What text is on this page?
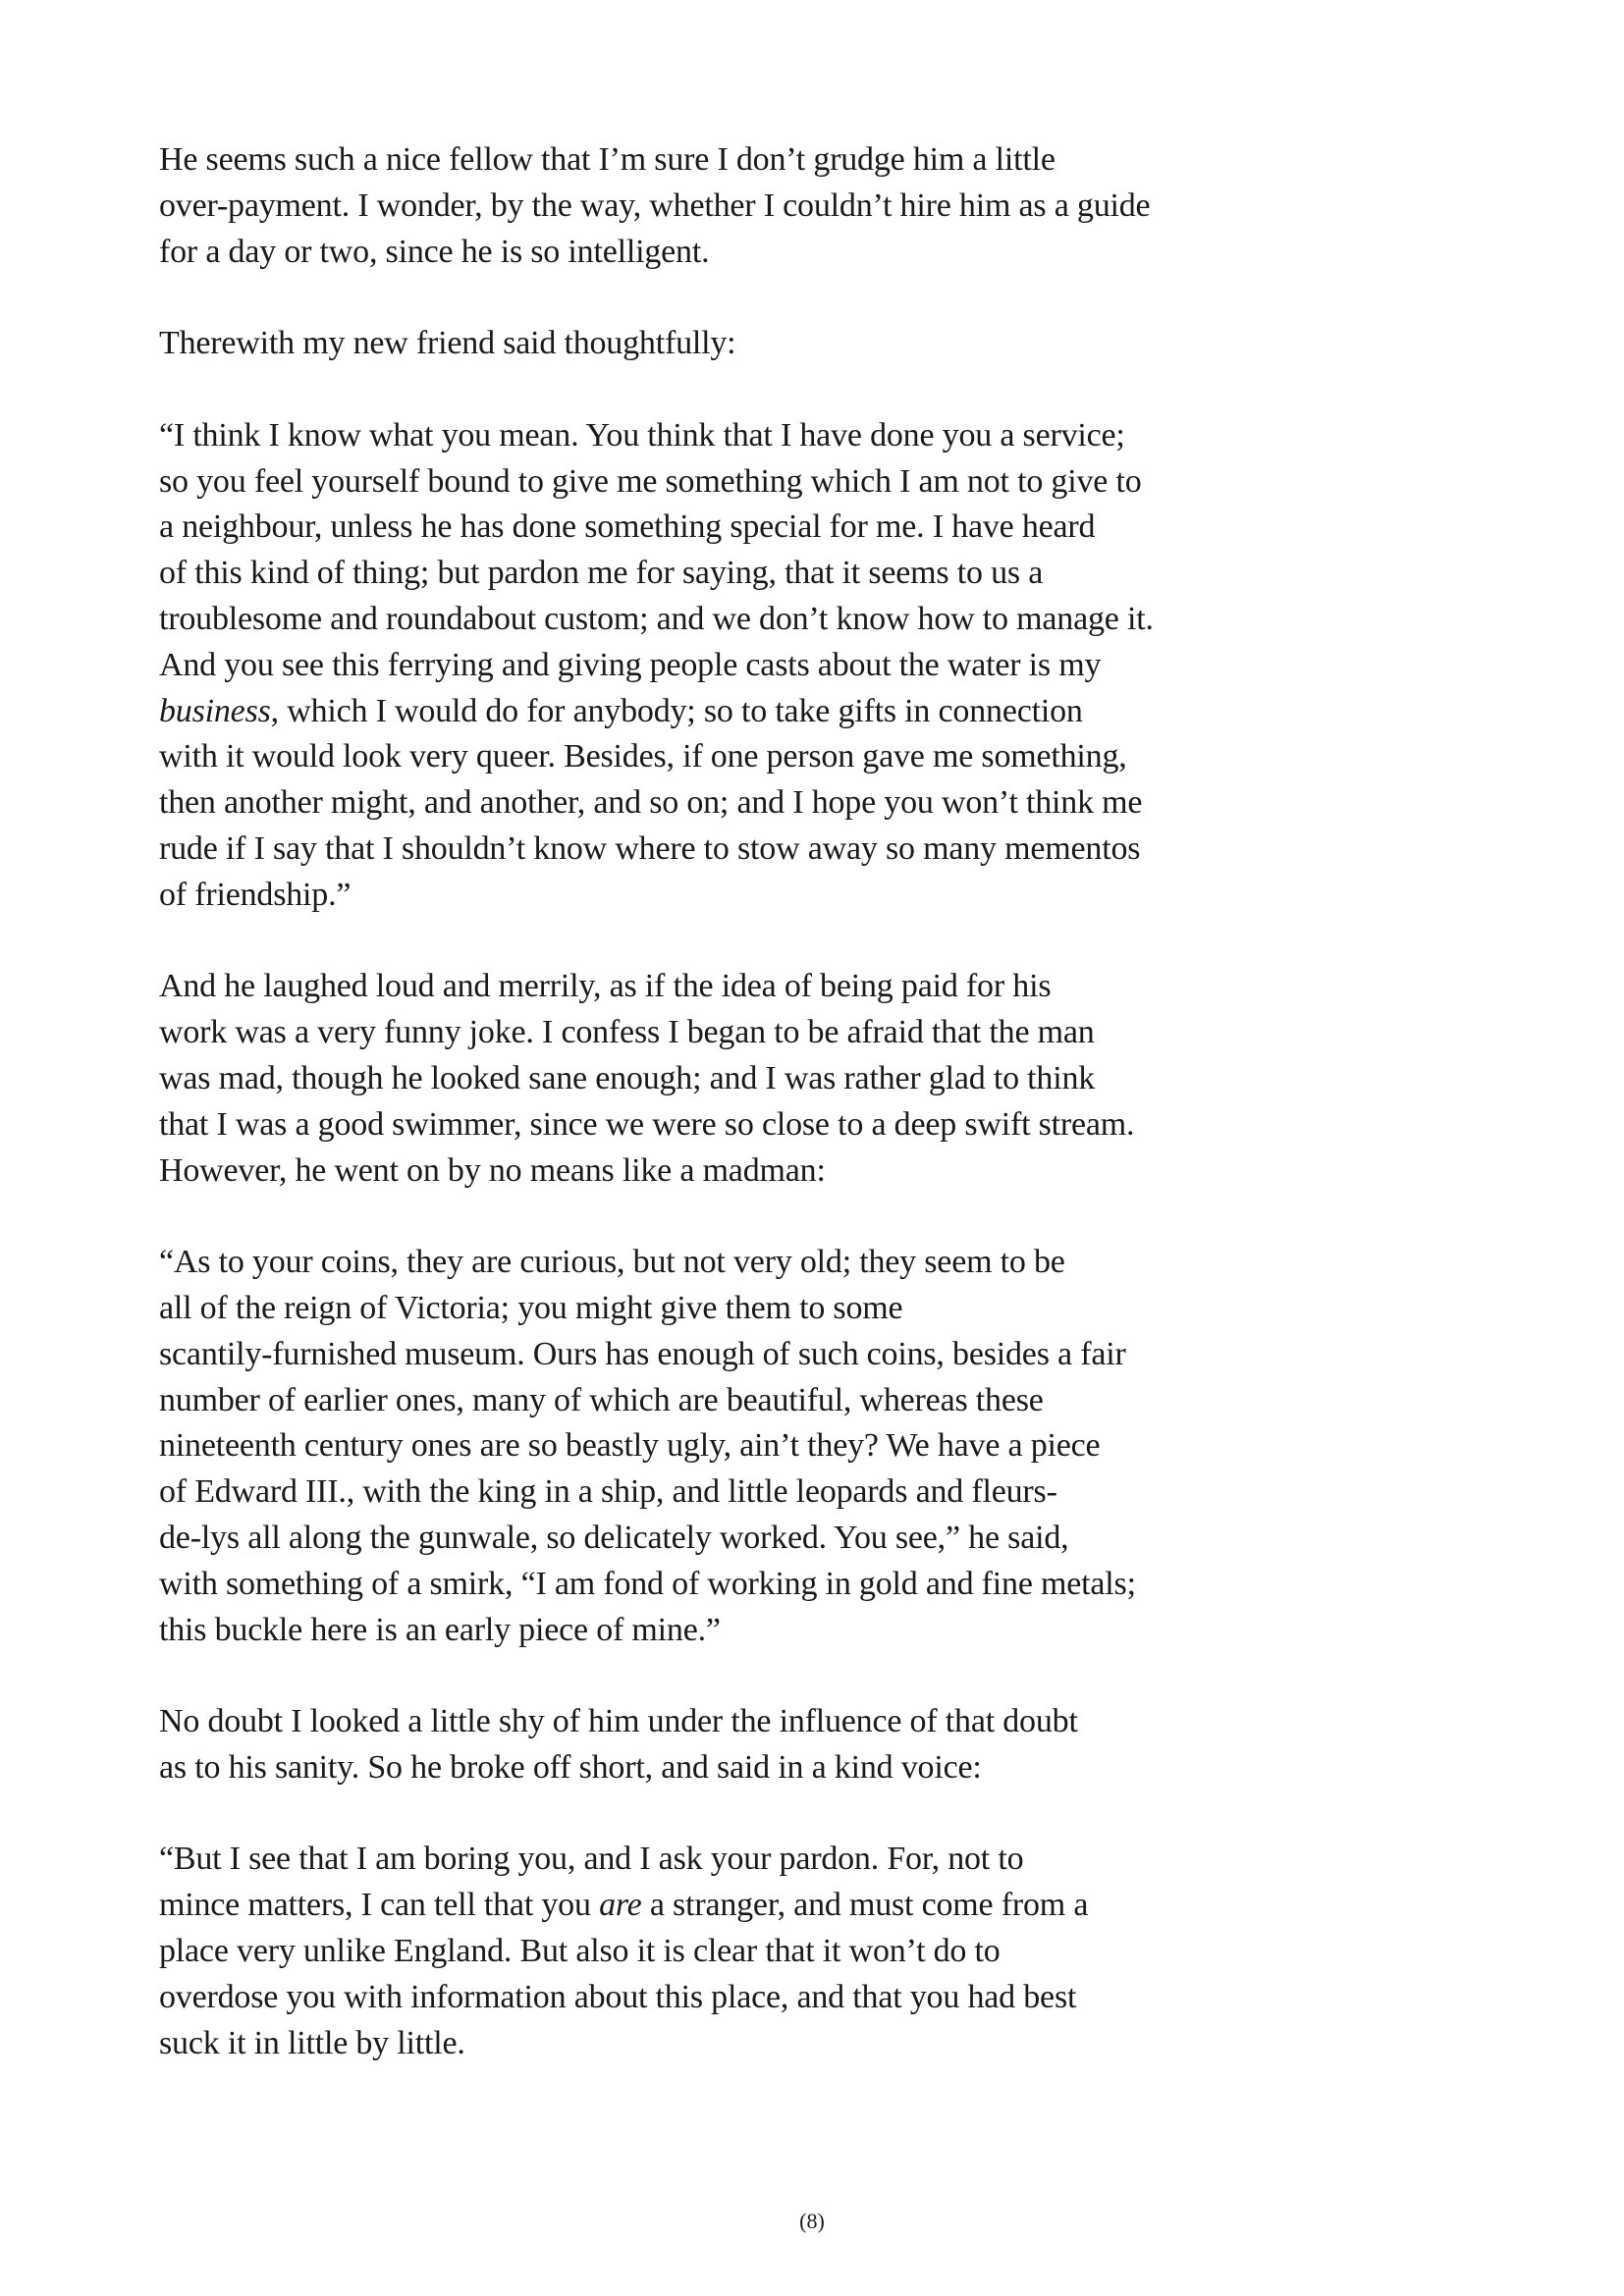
He seems such a nice fellow that I’m sure I don’t grudge him a little
over-payment. I wonder, by the way, whether I couldn’t hire him as a guide
for a day or two, since he is so intelligent.
Therewith my new friend said thoughtfully:
“I think I know what you mean. You think that I have done you a service;
so you feel yourself bound to give me something which I am not to give to
a neighbour, unless he has done something special for me. I have heard
of this kind of thing; but pardon me for saying, that it seems to us a
troublesome and roundabout custom; and we don’t know how to manage it.
And you see this ferrying and giving people casts about the water is my
business, which I would do for anybody; so to take gifts in connection
with it would look very queer. Besides, if one person gave me something,
then another might, and another, and so on; and I hope you won’t think me
rude if I say that I shouldn’t know where to stow away so many mementos
of friendship.”
And he laughed loud and merrily, as if the idea of being paid for his
work was a very funny joke. I confess I began to be afraid that the man
was mad, though he looked sane enough; and I was rather glad to think
that I was a good swimmer, since we were so close to a deep swift stream.
However, he went on by no means like a madman:
“As to your coins, they are curious, but not very old; they seem to be
all of the reign of Victoria; you might give them to some
scantily-furnished museum. Ours has enough of such coins, besides a fair
number of earlier ones, many of which are beautiful, whereas these
nineteenth century ones are so beastly ugly, ain’t they? We have a piece
of Edward III., with the king in a ship, and little leopards and fleurs-
de-lys all along the gunwale, so delicately worked. You see,” he said,
with something of a smirk, “I am fond of working in gold and fine metals;
this buckle here is an early piece of mine.”
No doubt I looked a little shy of him under the influence of that doubt
as to his sanity. So he broke off short, and said in a kind voice:
“But I see that I am boring you, and I ask your pardon. For, not to
mince matters, I can tell that you are a stranger, and must come from a
place very unlike England. But also it is clear that it won’t do to
overdose you with information about this place, and that you had best
suck it in little by little.
(8)
